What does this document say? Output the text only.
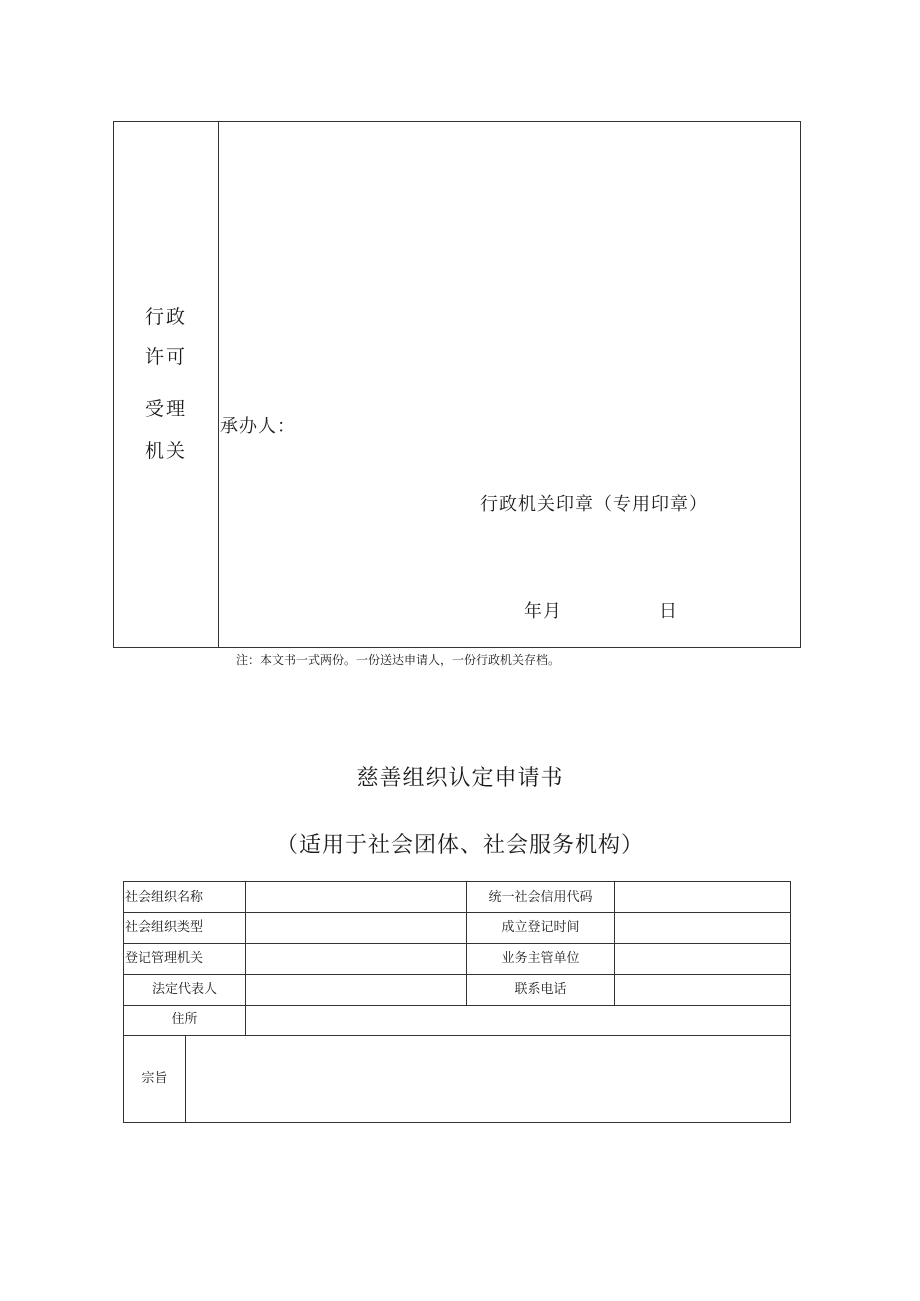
行政
许可
受理
机关
承办人：
行政机关印章（专用印章）
年月	日
注：本文书一式两份。一份送达申请人，一份行政机关存档。
慈善组织认定申请书
（适用于社会团体、社会服务机构）
社会组织名称	统一社会信用代码
社会组织类型	成立登记时间
登记管理机关	业务主管单位
法定代表人	联系电话
住所
宗旨
